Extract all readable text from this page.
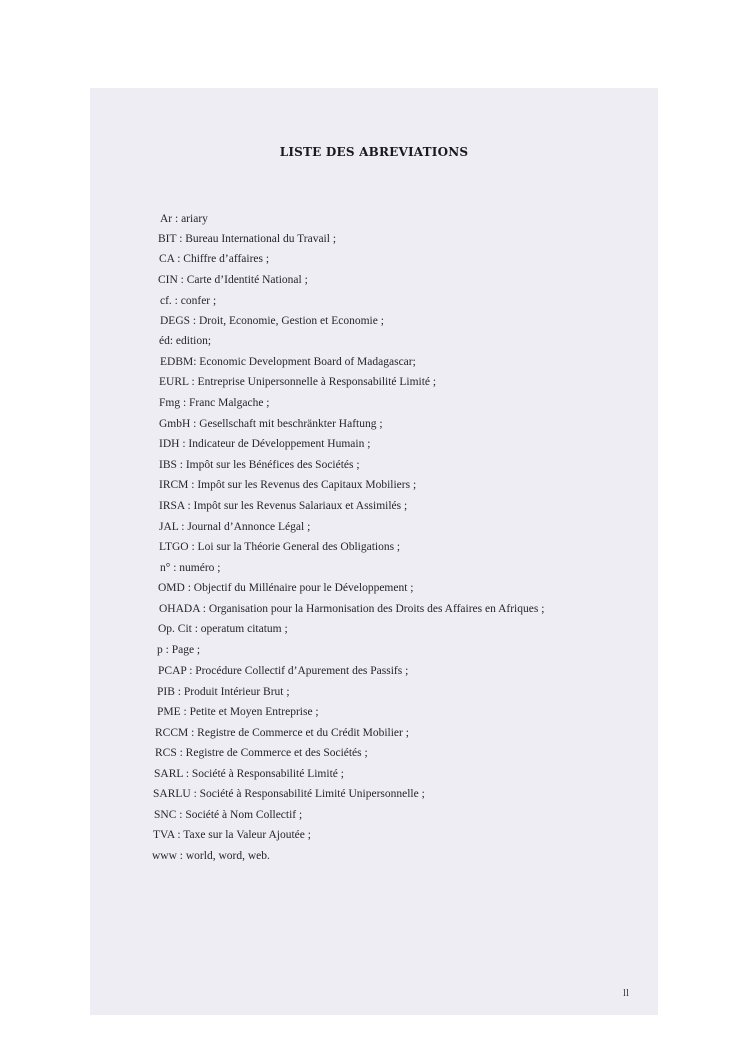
LISTE DES ABREVIATIONS
Ar : ariary
BIT : Bureau International du Travail ;
CA : Chiffre d’affaires ;
CIN : Carte d’Identité National ;
cf. : confer ;
DEGS : Droit, Economie, Gestion et Economie ;
éd: edition;
EDBM: Economic Development Board of Madagascar;
EURL : Entreprise Unipersonnelle à Responsabilité Limité ;
Fmg : Franc Malgache ;
GmbH : Gesellschaft mit beschränkter Haftung ;
IDH : Indicateur de Développement Humain ;
IBS : Impôt sur les Bénéfices des Sociétés ;
IRCM : Impôt sur les Revenus des Capitaux Mobiliers ;
IRSA : Impôt sur les Revenus Salariaux et Assimilés ;
JAL : Journal d’Annonce Légal ;
LTGO : Loi sur la Théorie General des Obligations ;
n° : numéro ;
OMD : Objectif du Millénaire pour le Développement ;
OHADA : Organisation pour la Harmonisation des Droits des Affaires en Afriques ;
Op. Cit : operatum citatum ;
p : Page ;
PCAP : Procédure Collectif d’Apurement des Passifs ;
PIB : Produit Intérieur Brut ;
PME : Petite et Moyen Entreprise ;
RCCM : Registre de Commerce et du Crédit Mobilier ;
RCS : Registre de Commerce et des Sociétés ;
SARL : Société à Responsabilité Limité ;
SARLU : Société à Responsabilité Limité Unipersonnelle ;
SNC : Société à Nom Collectif ;
TVA : Taxe sur la Valeur Ajoutée ;
www : world, word, web.
ll
